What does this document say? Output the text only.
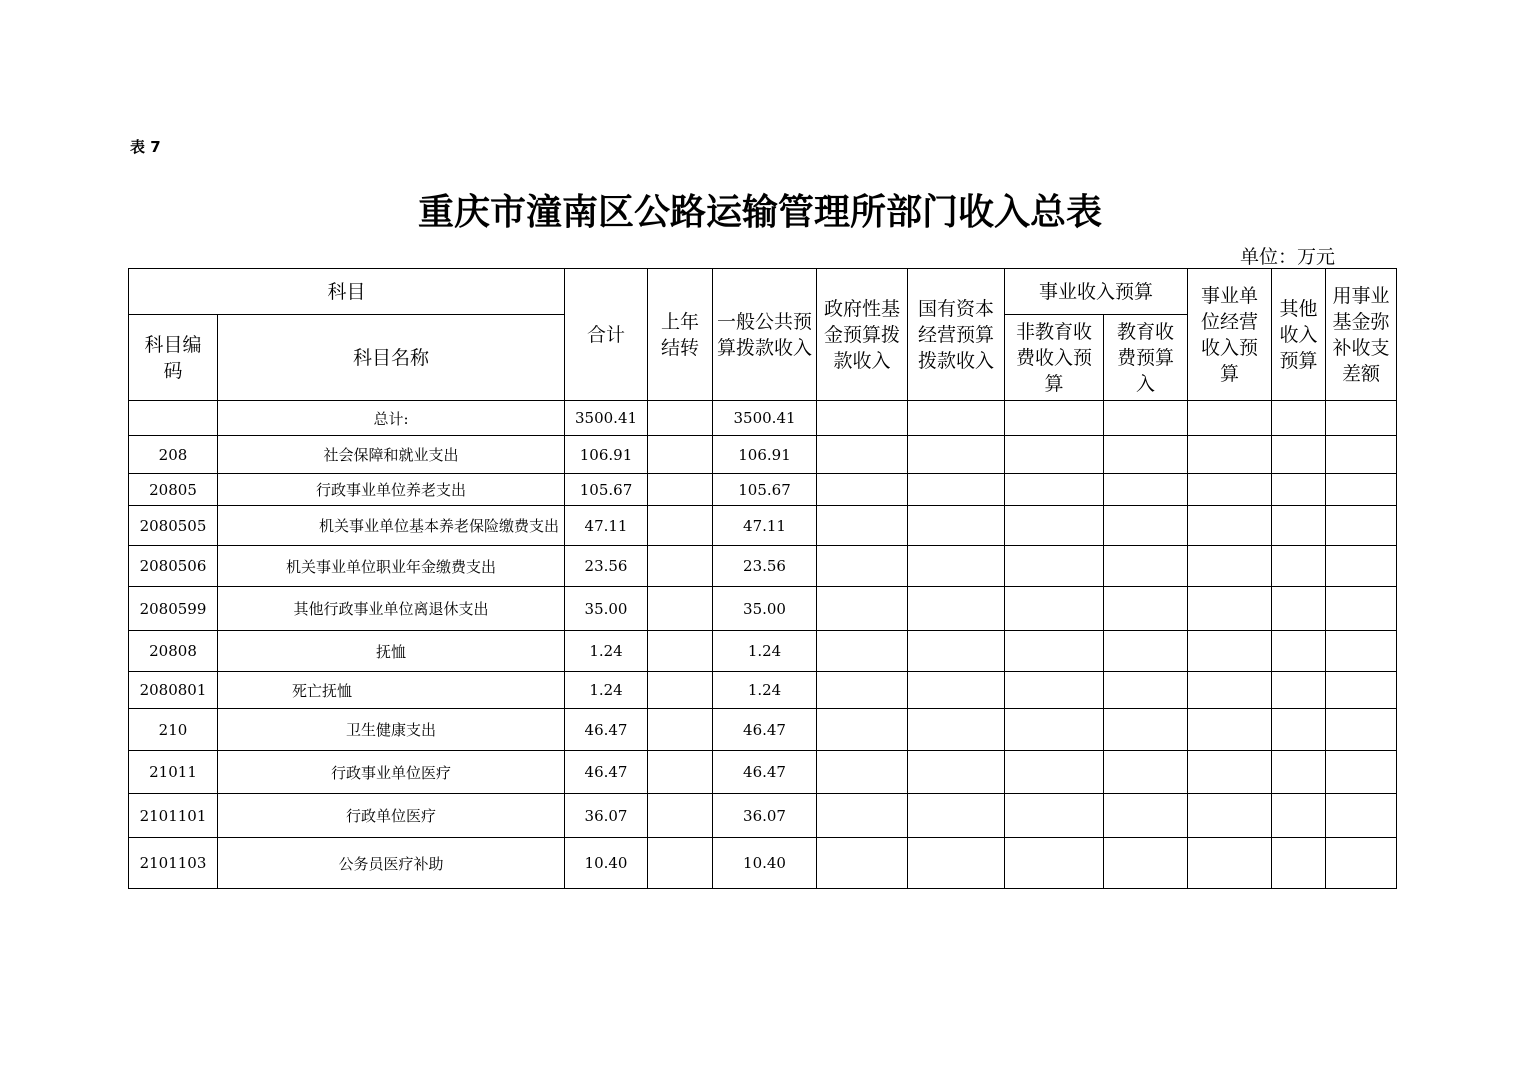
表 7
重庆市潼南区公路运输管理所部门收入总表
单位：万元
科目		合计	上年结转	一般公共预算拨款收入	政府性基金预算拨款收入	国有资本经营预算拨款收入	事业收入预算		事业单位经营收入预算	其他收入预算	用事业基金弥补收支差额
科目编码	科目名称						非教育收费收入预算	教育收费预算入			
	总计:	3500.41		3500.41							
208	社会保障和就业支出	106.91		106.91							
20805	行政事业单位养老支出	105.67		105.67							
2080505	机关事业单位基本养老保险缴费支出	47.11		47.11							
2080506	机关事业单位职业年金缴费支出	23.56		23.56							
2080599	其他行政事业单位离退休支出	35.00		35.00							
20808	抚恤	1.24		1.24							
2080801	死亡抚恤	1.24		1.24							
210	卫生健康支出	46.47		46.47							
21011	行政事业单位医疗	46.47		46.47							
2101101	行政单位医疗	36.07		36.07							
2101103	公务员医疗补助	10.40		10.40							
